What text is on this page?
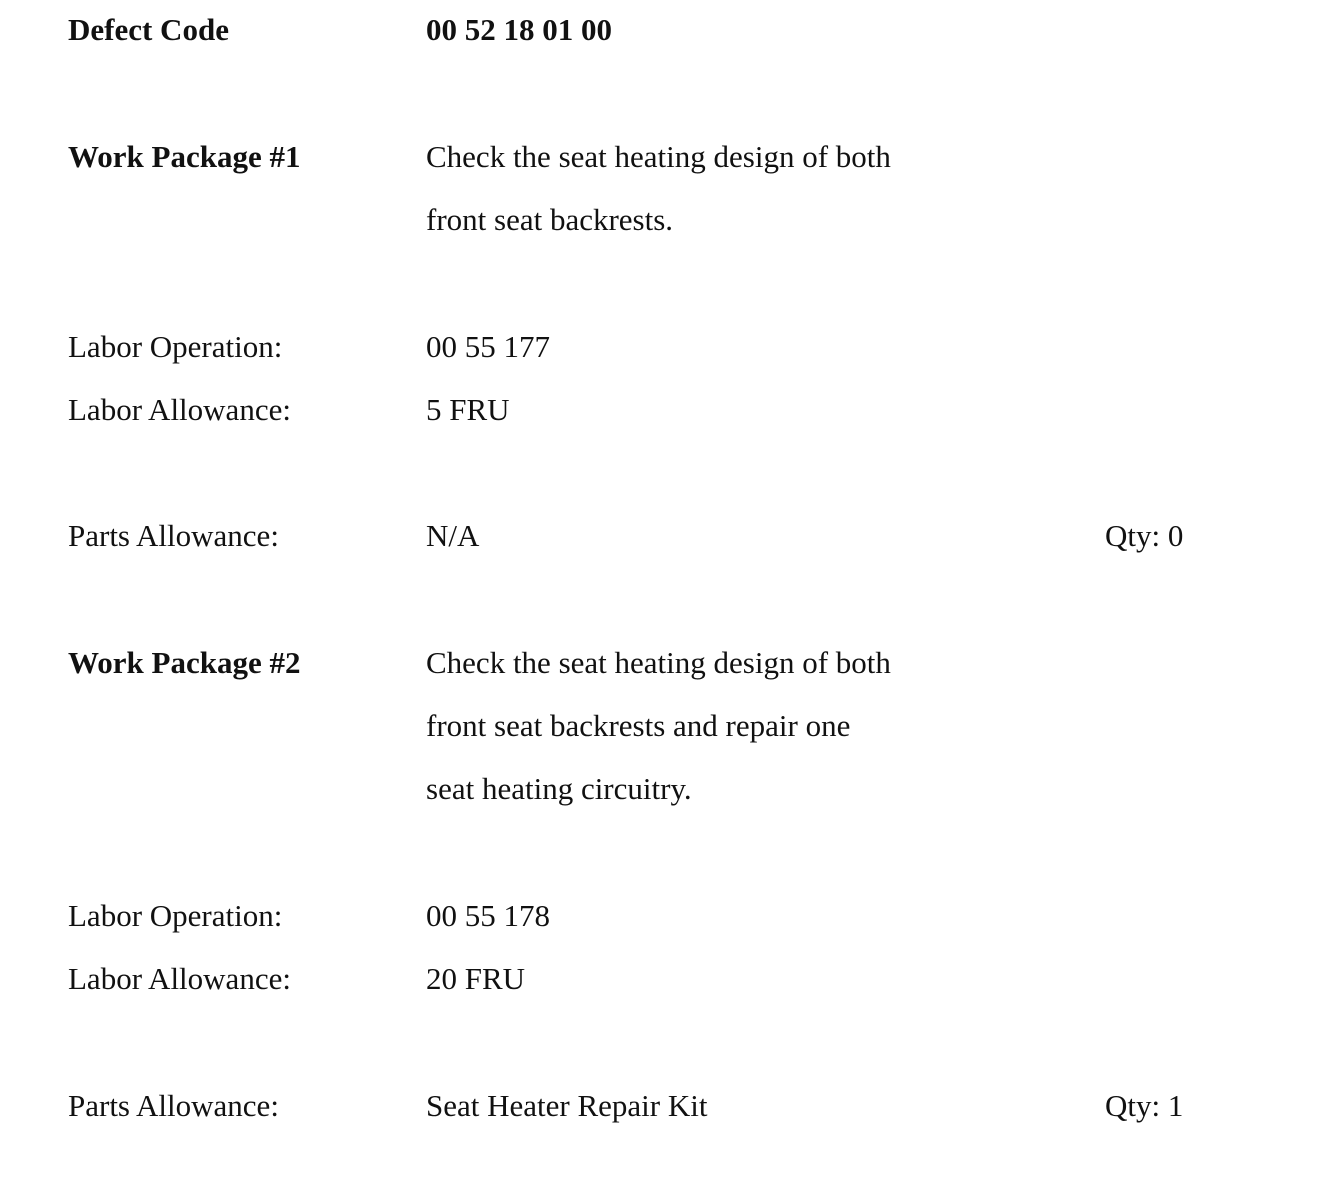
Defect Code	00 52 18 01 00
Work Package #1	Check the seat heating design of both
front seat backrests.
Labor Operation:	00 55 177
Labor Allowance:	5 FRU
Parts Allowance:	N/A	Qty: 0
Work Package #2	Check the seat heating design of both
front seat backrests and repair one
seat heating circuitry.
Labor Operation:	00 55 178
Labor Allowance:	20 FRU
Parts Allowance:	Seat Heater Repair Kit	Qty: 1
